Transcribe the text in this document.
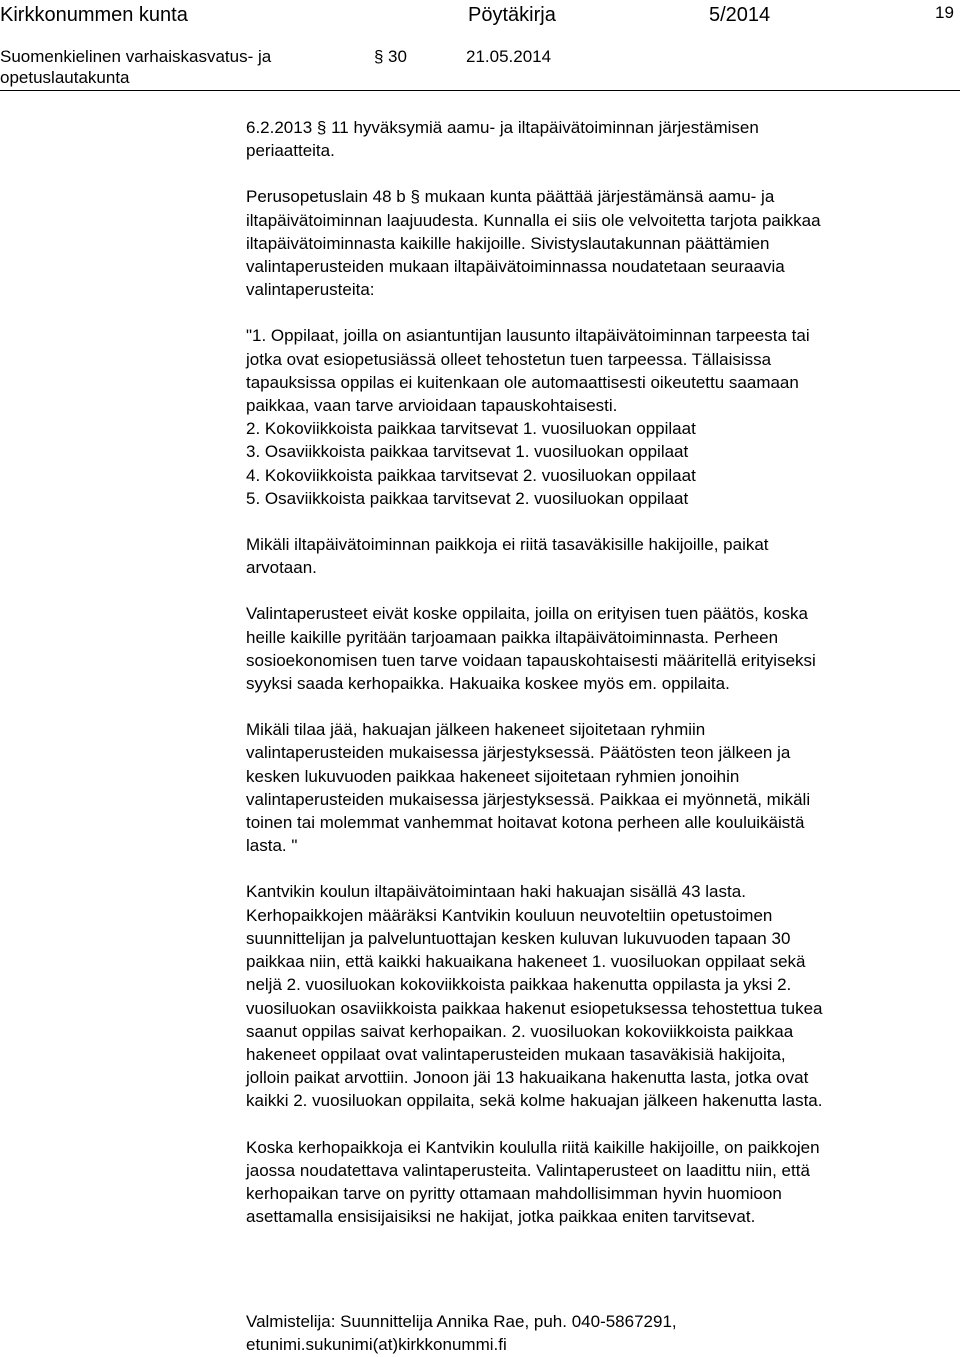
Kirkkonummen kunta	Pöytäkirja	5/2014	19
Suomenkielinen varhaiskasvatus- ja
opetuslautakunta
§ 30	21.05.2014
6.2.2013 § 11 hyväksymiä aamu- ja iltapäivätoiminnan järjestämisen
periaatteita.
Perusopetuslain 48 b § mukaan kunta päättää järjestämänsä aamu- ja
iltapäivätoiminnan laajuudesta. Kunnalla ei siis ole velvoitetta tarjota paikkaa
iltapäivätoiminnasta kaikille hakijoille. Sivistyslautakunnan päättämien
valintaperusteiden mukaan iltapäivätoiminnassa noudatetaan seuraavia
valintaperusteita:
"1. Oppilaat, joilla on asiantuntijan lausunto iltapäivätoiminnan tarpeesta tai
jotka ovat esiopetusiässä olleet tehostetun tuen tarpeessa. Tällaisissa
tapauksissa oppilas ei kuitenkaan ole automaattisesti oikeutettu saamaan
paikkaa, vaan tarve arvioidaan tapauskohtaisesti.
2. Kokoviikkoista paikkaa tarvitsevat 1. vuosiluokan oppilaat
3. Osaviikkoista paikkaa tarvitsevat 1. vuosiluokan oppilaat
4. Kokoviikkoista paikkaa tarvitsevat 2. vuosiluokan oppilaat
5. Osaviikkoista paikkaa tarvitsevat 2. vuosiluokan oppilaat
Mikäli iltapäivätoiminnan paikkoja ei riitä tasaväkisille hakijoille, paikat
arvotaan.
Valintaperusteet eivät koske oppilaita, joilla on erityisen tuen päätös, koska
heille kaikille pyritään tarjoamaan paikka iltapäivätoiminnasta. Perheen
sosioekonomisen tuen tarve voidaan tapauskohtaisesti määritellä erityiseksi
syyksi saada kerhopaikka. Hakuaika koskee myös em. oppilaita.
Mikäli tilaa jää, hakuajan jälkeen hakeneet sijoitetaan ryhmiin
valintaperusteiden mukaisessa järjestyksessä. Päätösten teon jälkeen ja
kesken lukuvuoden paikkaa hakeneet sijoitetaan ryhmien jonoihin
valintaperusteiden mukaisessa järjestyksessä. Paikkaa ei myönnetä, mikäli
toinen tai molemmat vanhemmat hoitavat kotona perheen alle kouluikäistä
lasta. "
Kantvikin koulun iltapäivätoimintaan haki hakuajan sisällä 43 lasta.
Kerhopaikkojen määräksi Kantvikin kouluun neuvoteltiin opetustoimen
suunnittelijan ja palveluntuottajan kesken kuluvan lukuvuoden tapaan 30
paikkaa niin, että kaikki hakuaikana hakeneet 1. vuosiluokan oppilaat sekä
neljä 2. vuosiluokan kokoviikkoista paikkaa hakenutta oppilasta ja yksi 2.
vuosiluokan osaviikkoista paikkaa hakenut esiopetuksessa tehostettua tukea
saanut oppilas saivat kerhopaikan. 2. vuosiluokan kokoviikkoista paikkaa
hakeneet oppilaat ovat valintaperusteiden mukaan tasaväkisiä hakijoita,
jolloin paikat arvottiin. Jonoon jäi 13 hakuaikana hakenutta lasta, jotka ovat
kaikki 2. vuosiluokan oppilaita, sekä kolme hakuajan jälkeen hakenutta lasta.
Koska kerhopaikkoja ei Kantvikin koululla riitä kaikille hakijoille, on paikkojen
jaossa noudatettava valintaperusteita. Valintaperusteet on laadittu niin, että
kerhopaikan tarve on pyritty ottamaan mahdollisimman hyvin huomioon
asettamalla ensisijaisiksi ne hakijat, jotka paikkaa eniten tarvitsevat.
Valmistelija: Suunnittelija Annika Rae, puh. 040-5867291,
etunimi.sukunimi(at)kirkkonummi.fi
